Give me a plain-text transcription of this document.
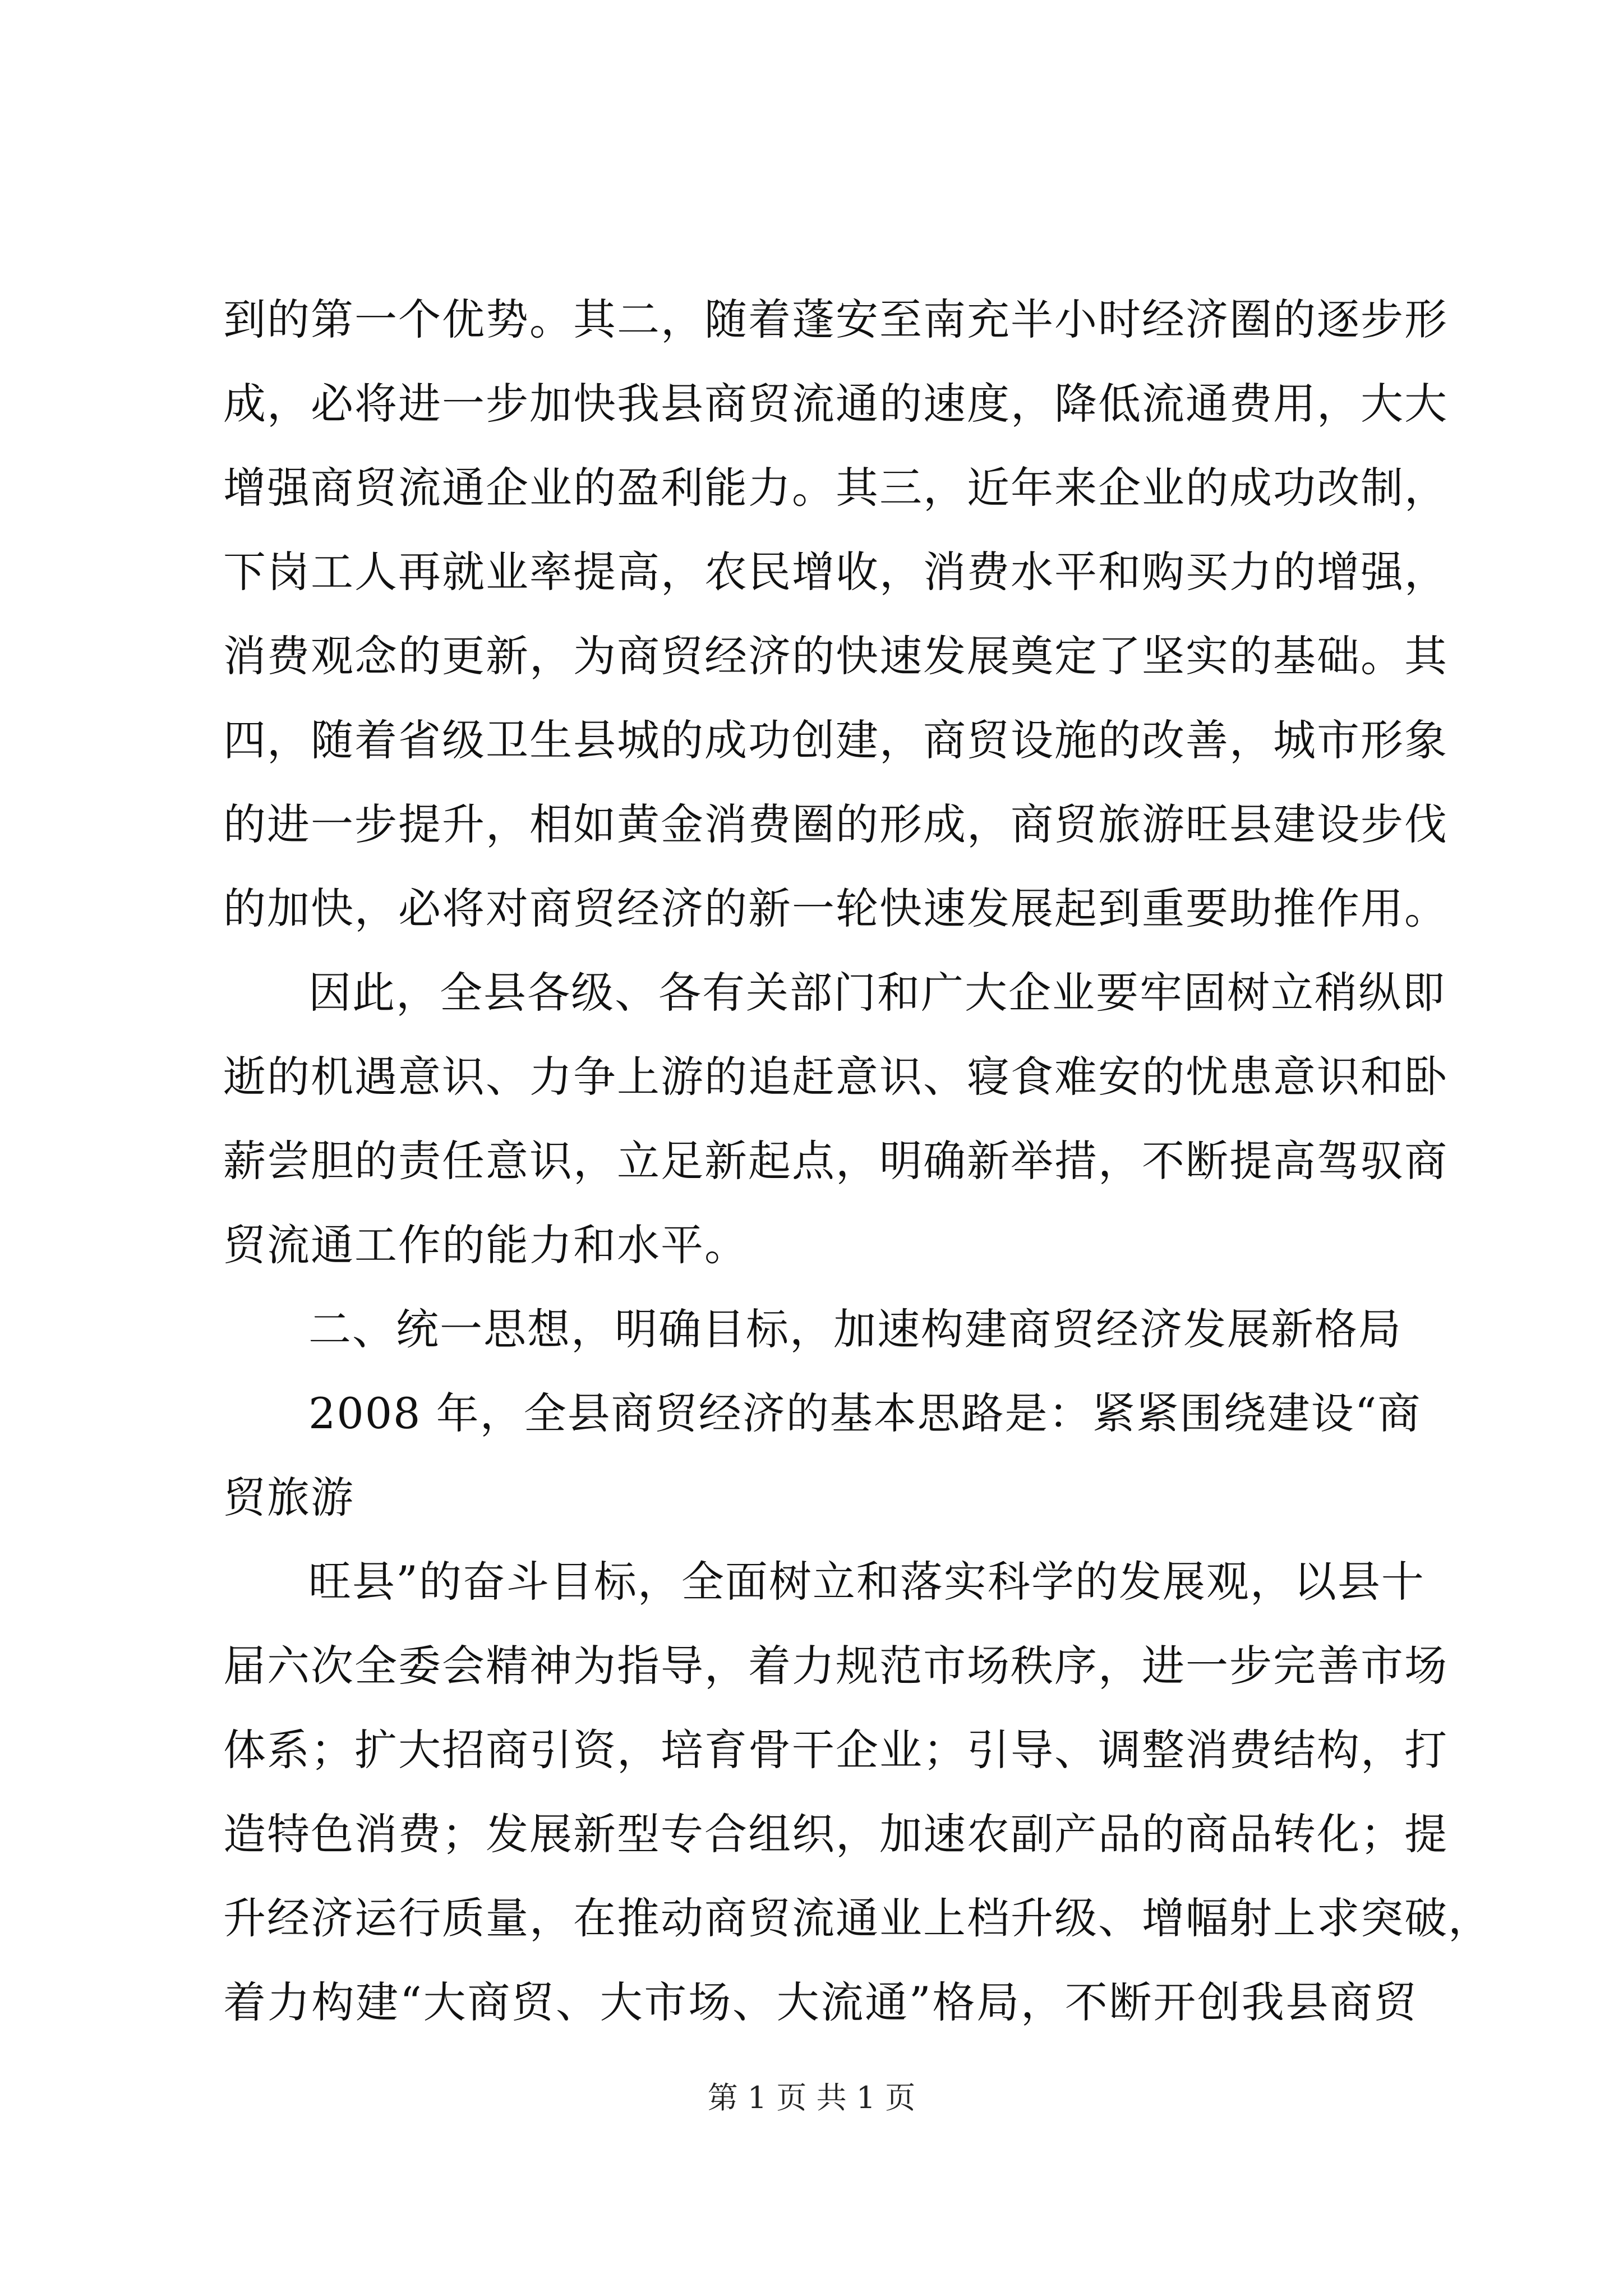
到的第一个优势。其二，随着蓬安至南充半小时经济圈的逐步形
成，必将进一步加快我县商贸流通的速度，降低流通费用，大大
增强商贸流通企业的盈利能力。其三，近年来企业的成功改制，
下岗工人再就业率提高，农民增收，消费水平和购买力的增强，
消费观念的更新，为商贸经济的快速发展奠定了坚实的基础。其
四，随着省级卫生县城的成功创建，商贸设施的改善，城市形象
的进一步提升，相如黄金消费圈的形成，商贸旅游旺县建设步伐
的加快，必将对商贸经济的新一轮快速发展起到重要助推作用。
因此，全县各级、各有关部门和广大企业要牢固树立稍纵即
逝的机遇意识、力争上游的追赶意识、寝食难安的忧患意识和卧
薪尝胆的责任意识，立足新起点，明确新举措，不断提高驾驭商
贸流通工作的能力和水平。
二、统一思想，明确目标，加速构建商贸经济发展新格局
2008 年，全县商贸经济的基本思路是：紧紧围绕建设“商
贸旅游
旺县”的奋斗目标，全面树立和落实科学的发展观，以县十
届六次全委会精神为指导，着力规范市场秩序，进一步完善市场
体系；扩大招商引资，培育骨干企业；引导、调整消费结构，打
造特色消费；发展新型专合组织，加速农副产品的商品转化；提
升经济运行质量，在推动商贸流通业上档升级、增幅射上求突破，
着力构建“大商贸、大市场、大流通”格局，不断开创我县商贸
第 1 页 共 1 页
